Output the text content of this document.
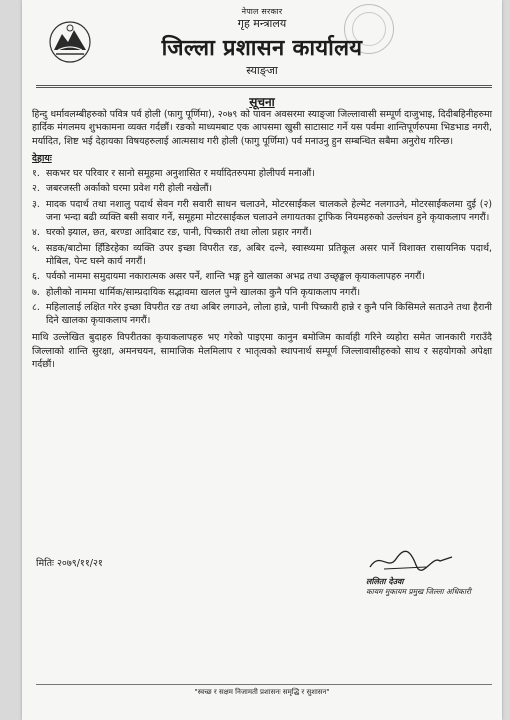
नेपाल सरकार
गृह मन्त्रालय
जिल्ला प्रशासन कार्यालय
स्याङ्जा
सूचना

हिन्दु धर्मावलम्बीहरुको पवित्र पर्व होली (फागु पूर्णिमा), २०७९ को पावन अवसरमा स्याङ्जा जिल्लावासी सम्पूर्ण दाजुभाइ, दिदीबहिनीहरुमा हार्दिक मंगलमय शुभकामना व्यक्त गर्दछौं। रङको माध्यमबाट एक आपसमा खुसी साटासाट गर्ने यस पर्वमा शान्तिपूर्णरुपमा भिडभाड नगरी, मर्यादित, शिष्ट भई देहायका विषयहरुलाई आत्मसाथ गरी होली (फागु पूर्णिमा) पर्व मनाउनु हुन सम्बन्धित सबैमा अनुरोध गरिन्छ।

देहायः
१. सकभर घर परिवार र सानो समूहमा अनुशासित र मर्यादितरुपमा होलीपर्व मनाऔं।
२. जबरजस्ती अर्काको घरमा प्रवेश गरी होली नखेलौं।
३. मादक पदार्थ तथा नशालु पदार्थ सेवन गरी सवारी साधन चलाउने, मोटरसाईकल चालकले हेल्मेट नलगाउने, मोटरसाईकलमा दुई (२) जना भन्दा बढी व्यक्ति बसी सवार गर्ने, समूहमा मोटरसाईकल चलाउने लगायतका ट्राफिक नियमहरुको उल्लंघन हुने कृयाकलाप नगरौं।
४. घरको झ्याल, छत, बरण्डा आदिबाट रङ, पानी, पिच्कारी तथा लोला प्रहार नगरौं।
५. सडक/बाटोमा हिँडिरहेका व्यक्ति उपर इच्छा विपरीत रङ, अबिर दल्ने, स्वास्थ्यमा प्रतिकूल असर पार्ने विशाक्त रासायनिक पदार्थ, मोबिल, पेन्ट घस्ने कार्य नगरौं।
६. पर्वको नाममा समुदायमा नकारात्मक असर पर्ने, शान्ति भङ्ग हुने खालका अभद्र तथा उच्छृङ्खल कृयाकलापहरु नगरौं।
७. होलीको नाममा धार्मिक/साम्प्रदायिक सद्भावमा खलल पुग्ने खालका कुनै पनि कृयाकलाप नगरौं।
८. महिलालाई लक्षित गरेर इच्छा विपरीत रङ तथा अबिर लगाउने, लोला हान्ने, पानी पिच्कारी हान्ने र कुनै पनि किसिमले सताउने तथा हैरानी दिने खालका कृयाकलाप नगरौं।

माथि उल्लेखित बुदाहरु विपरीतका कृयाकलापहरु भए गरेको पाइएमा कानुन बमोजिम कार्वाही गरिने व्यहोरा समेत जानकारी गराउँदै जिल्लाको शान्ति सुरक्षा, अमनचयन, सामाजिक मेलमिलाप र भातृत्वको स्थापनार्थ सम्पूर्ण जिल्लावासीहरुको साथ र सहयोगको अपेक्षा गर्दछौं।

मितिः २०७९/११/२१
ललिता देउवा
कायम मुकायम प्रमुख जिल्ला अधिकारी
"स्वच्छ र सक्षम निजामती प्रशासनः समृद्धि र सुशासन"
